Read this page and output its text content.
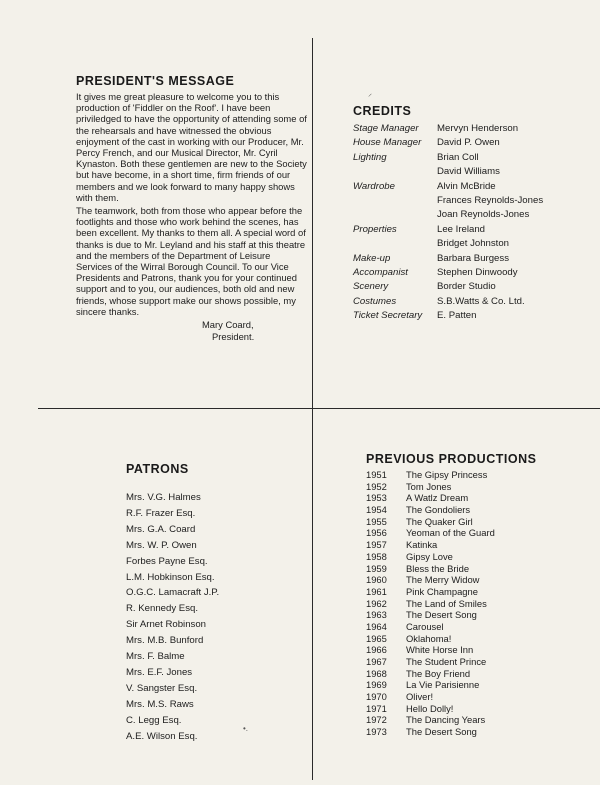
⸝
•.
PRESIDENT'S MESSAGE

It gives me great pleasure to welcome you to this production of 'Fiddler on the Roof'. I have been priviledged to have the opportunity of attending some of the rehearsals and have witnessed the obvious enjoyment of the cast in working with our Producer, Mr. Percy French, and our Musical Director, Mr. Cyril Kynaston. Both these gentlemen are new to the Society but have become, in a short time, firm friends of our members and we look forward to many happy shows with them.

The teamwork, both from those who appear before the footlights and those who work behind the scenes, has been excellent. My thanks to them all. A special word of thanks is due to Mr. Leyland and his staff at this theatre and the members of the Department of Leisure Services of the Wirral Borough Council. To our Vice Presidents and Patrons, thank you for your continued support and to you, our audiences, both old and new friends, whose support make our shows possible, my sincere thanks.

Mary Coard,
President.
CREDITS
Stage Manager	Mervyn Henderson
House Manager	David P. Owen
Lighting	Brian Coll
David Williams
Wardrobe	Alvin McBride
Frances Reynolds-Jones
Joan Reynolds-Jones
Properties	Lee Ireland
Bridget Johnston
Make-up	Barbara Burgess
Accompanist	Stephen Dinwoody
Scenery	Border Studio
Costumes	S.B.Watts & Co. Ltd.
Ticket Secretary	E. Patten
PATRONS
Mrs. V.G. Halmes
R.F. Frazer Esq.
Mrs. G.A. Coard
Mrs. W. P. Owen
Forbes Payne Esq.
L.M. Hobkinson Esq.
O.G.C. Lamacraft J.P.
R. Kennedy Esq.
Sir Arnet Robinson
Mrs. M.B. Bunford
Mrs. F. Balme
Mrs. E.F. Jones
V. Sangster Esq.
Mrs. M.S. Raws
C. Legg Esq.
A.E. Wilson Esq.
PREVIOUS PRODUCTIONS
1951	The Gipsy Princess
1952	Tom Jones
1953	A Watlz Dream
1954	The Gondoliers
1955	The Quaker Girl
1956	Yeoman of the Guard
1957	Katinka
1958	Gipsy Love
1959	Bless the Bride
1960	The Merry Widow
1961	Pink Champagne
1962	The Land of Smiles
1963	The Desert Song
1964	Carousel
1965	Oklahoma!
1966	White Horse Inn
1967	The Student Prince
1968	The Boy Friend
1969	La Vie Parisienne
1970	Oliver!
1971	Hello Dolly!
1972	The Dancing Years
1973	The Desert Song
